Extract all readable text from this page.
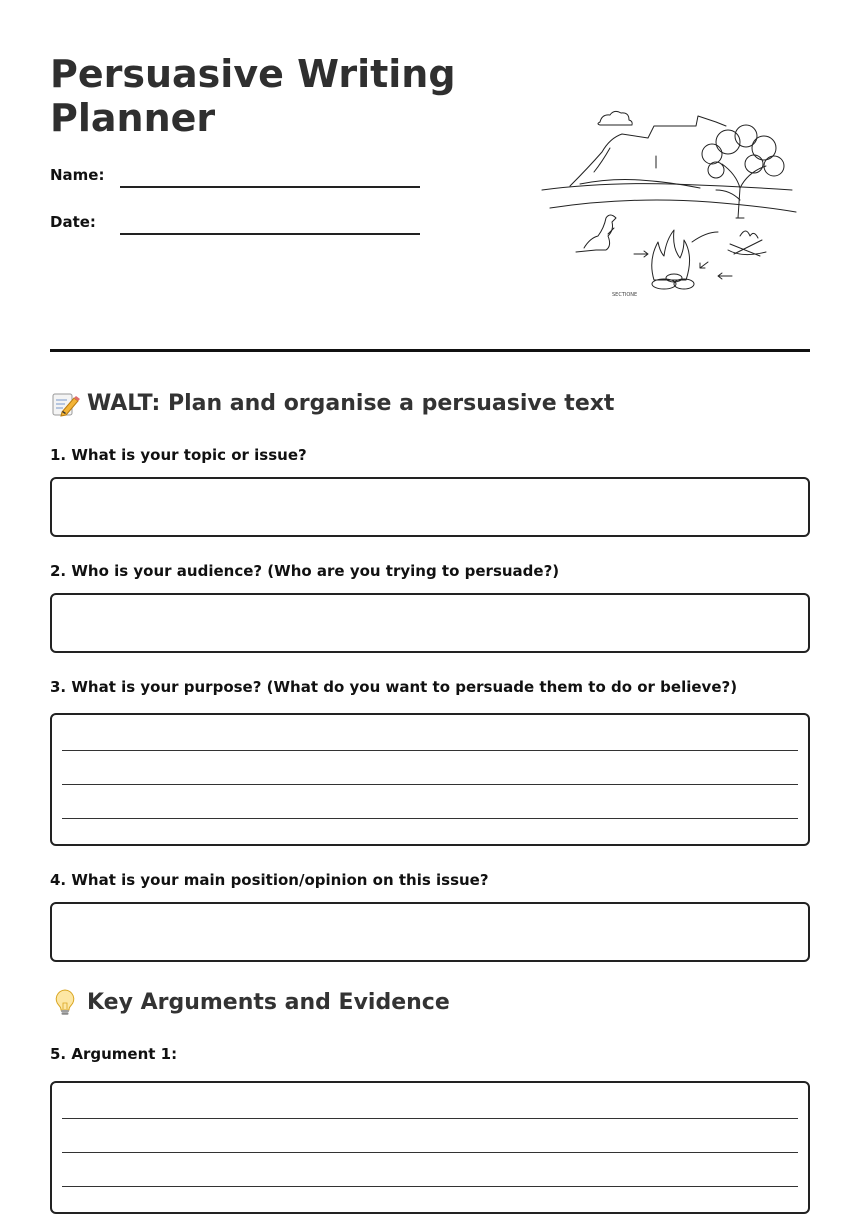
Persuasive Writing Planner
Name:
Date:
SECTIONE
WALT: Plan and organise a persuasive text

1. What is your topic or issue?

2. Who is your audience? (Who are you trying to persuade?)

3. What is your purpose? (What do you want to persuade them to do or believe?)

4. What is your main position/opinion on this issue?

Key Arguments and Evidence

5. Argument 1:
